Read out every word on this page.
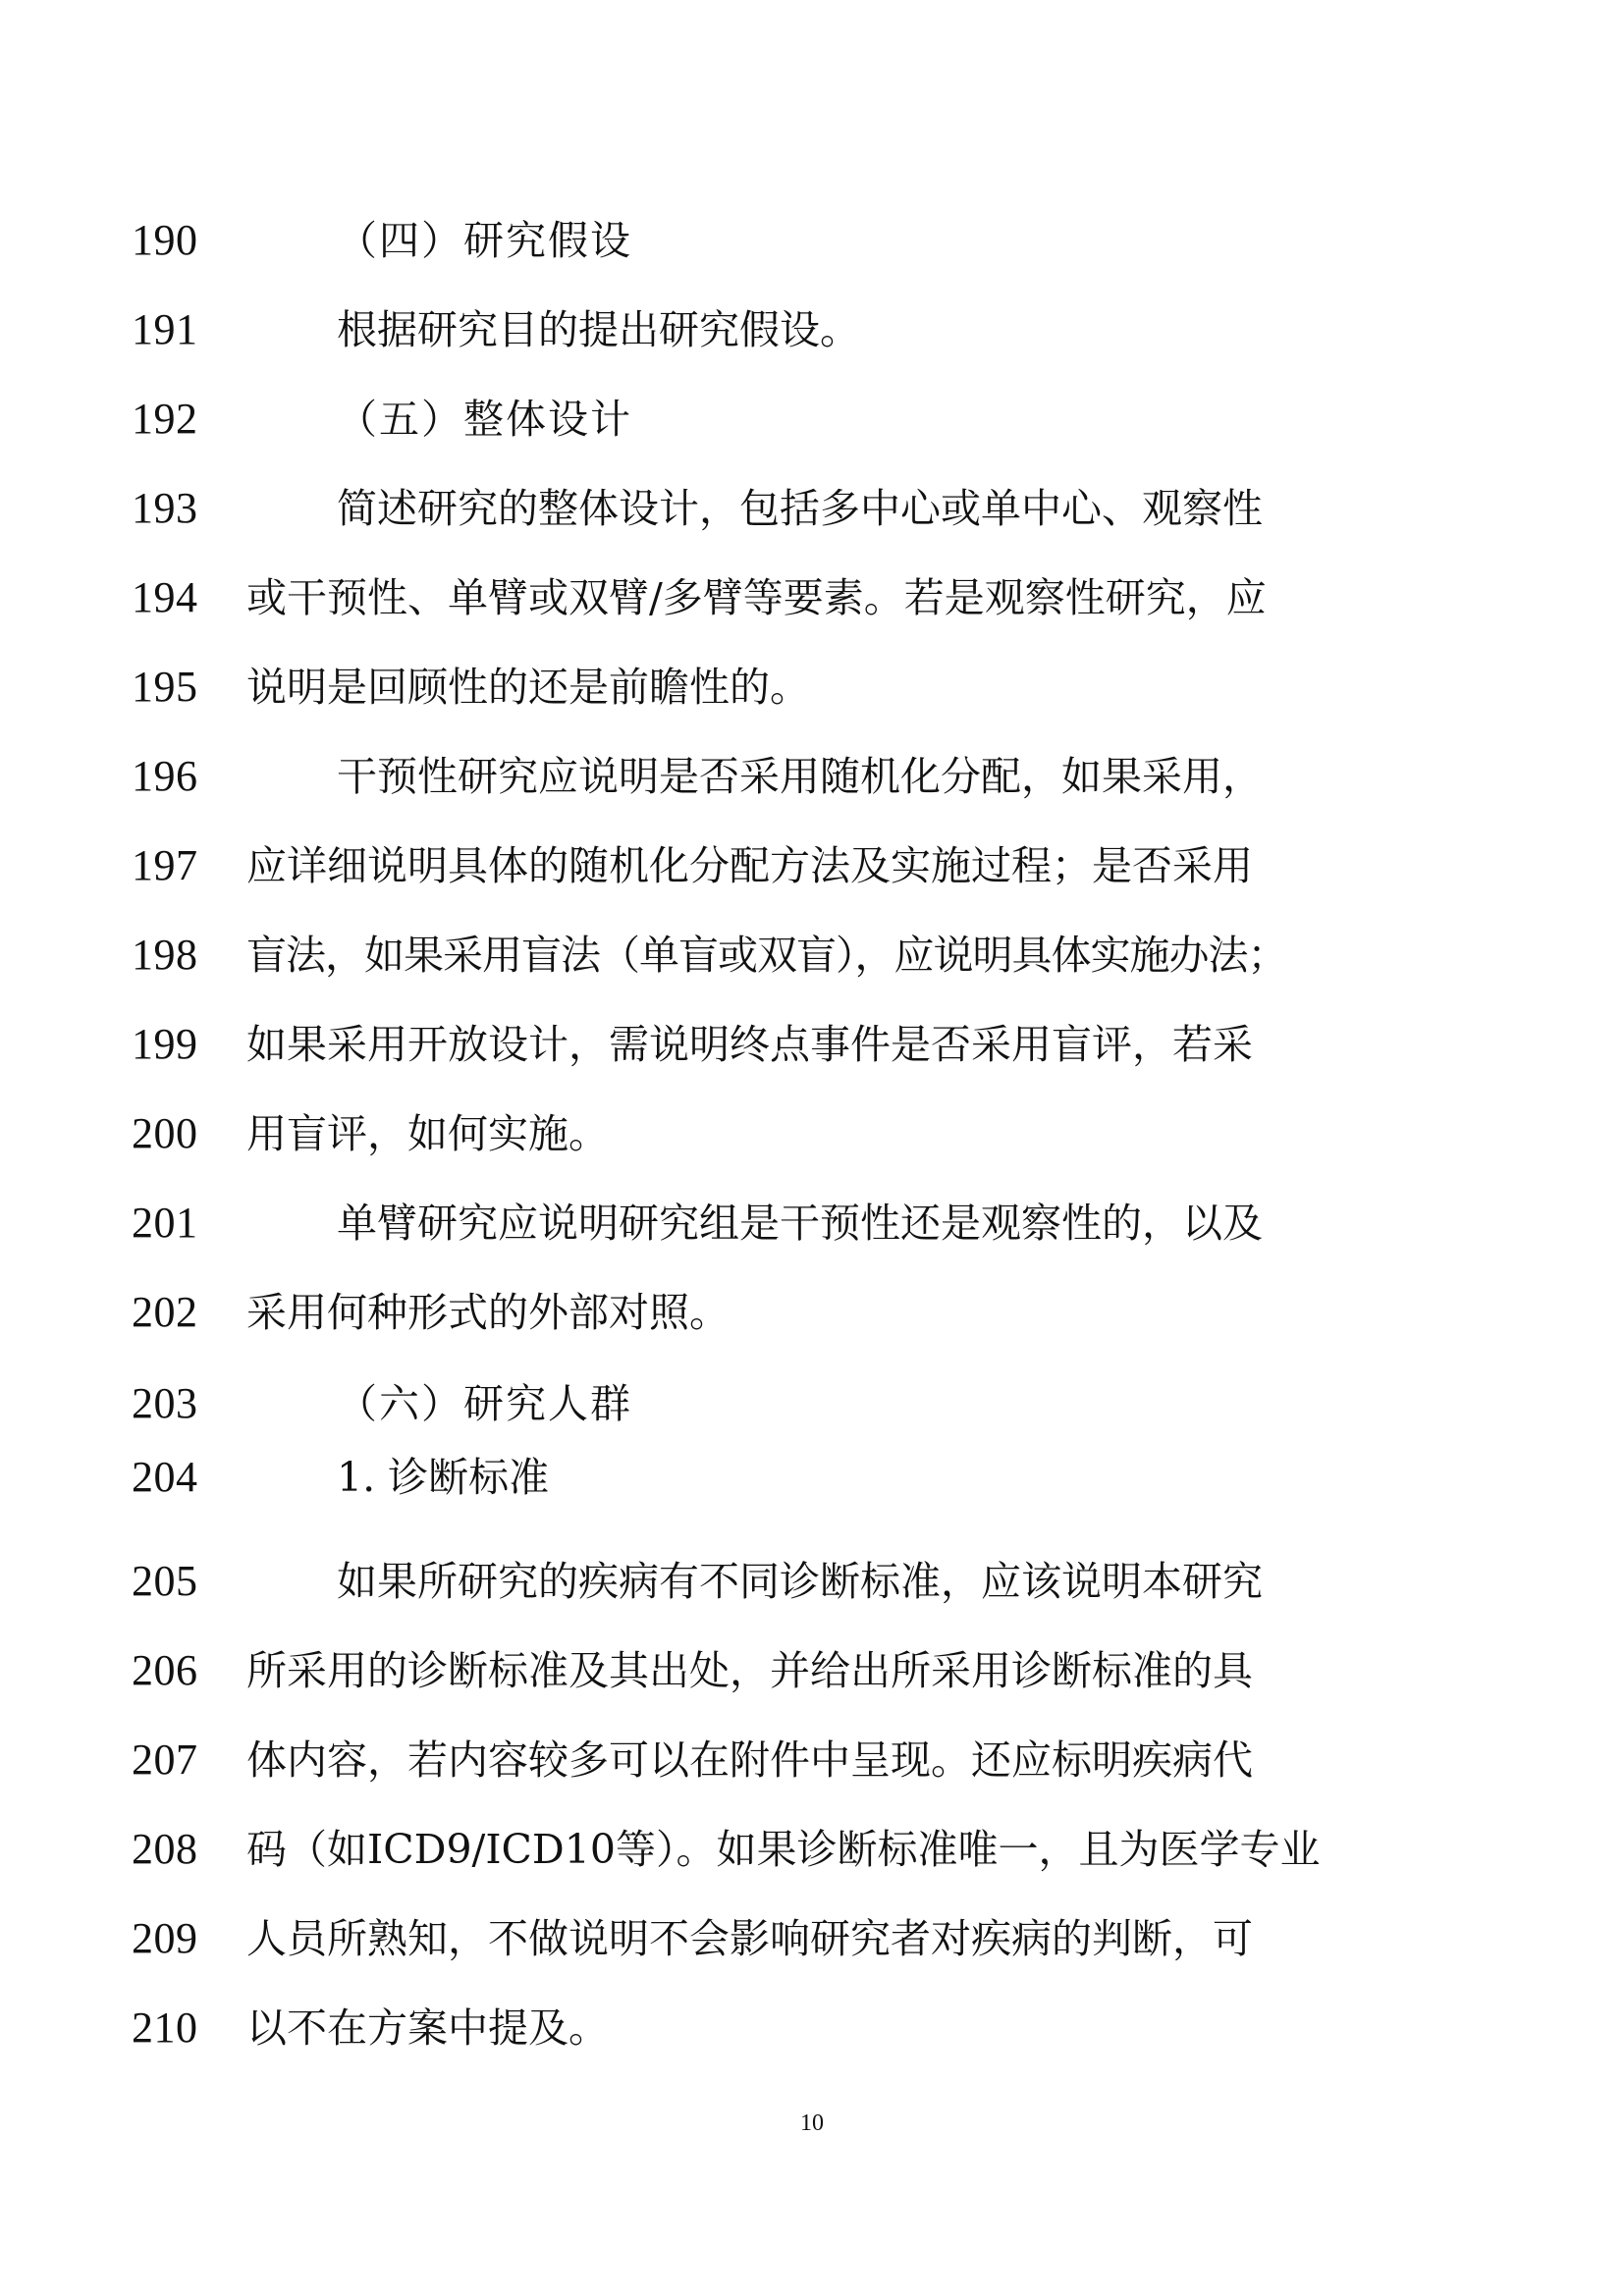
190	（四）研究假设
191	根据研究目的提出研究假设。
192	（五）整体设计
193	简述研究的整体设计，包括多中心或单中心、观察性
194 或干预性、单臂或双臂/多臂等要素。若是观察性研究，应
195 说明是回顾性的还是前瞻性的。
196	干预性研究应说明是否采用随机化分配，如果采用，
197 应详细说明具体的随机化分配方法及实施过程；是否采用
198 盲法，如果采用盲法（单盲或双盲），应说明具体实施办法；
199 如果采用开放设计，需说明终点事件是否采用盲评，若采
200 用盲评，如何实施。
201	单臂研究应说明研究组是干预性还是观察性的，以及
202 采用何种形式的外部对照。
203	（六）研究人群
204	1. 诊断标准
205	如果所研究的疾病有不同诊断标准，应该说明本研究
206 所采用的诊断标准及其出处，并给出所采用诊断标准的具
207 体内容，若内容较多可以在附件中呈现。还应标明疾病代
208 码（如ICD9/ICD10等）。如果诊断标准唯一，且为医学专业
209 人员所熟知，不做说明不会影响研究者对疾病的判断，可
210 以不在方案中提及。
10
